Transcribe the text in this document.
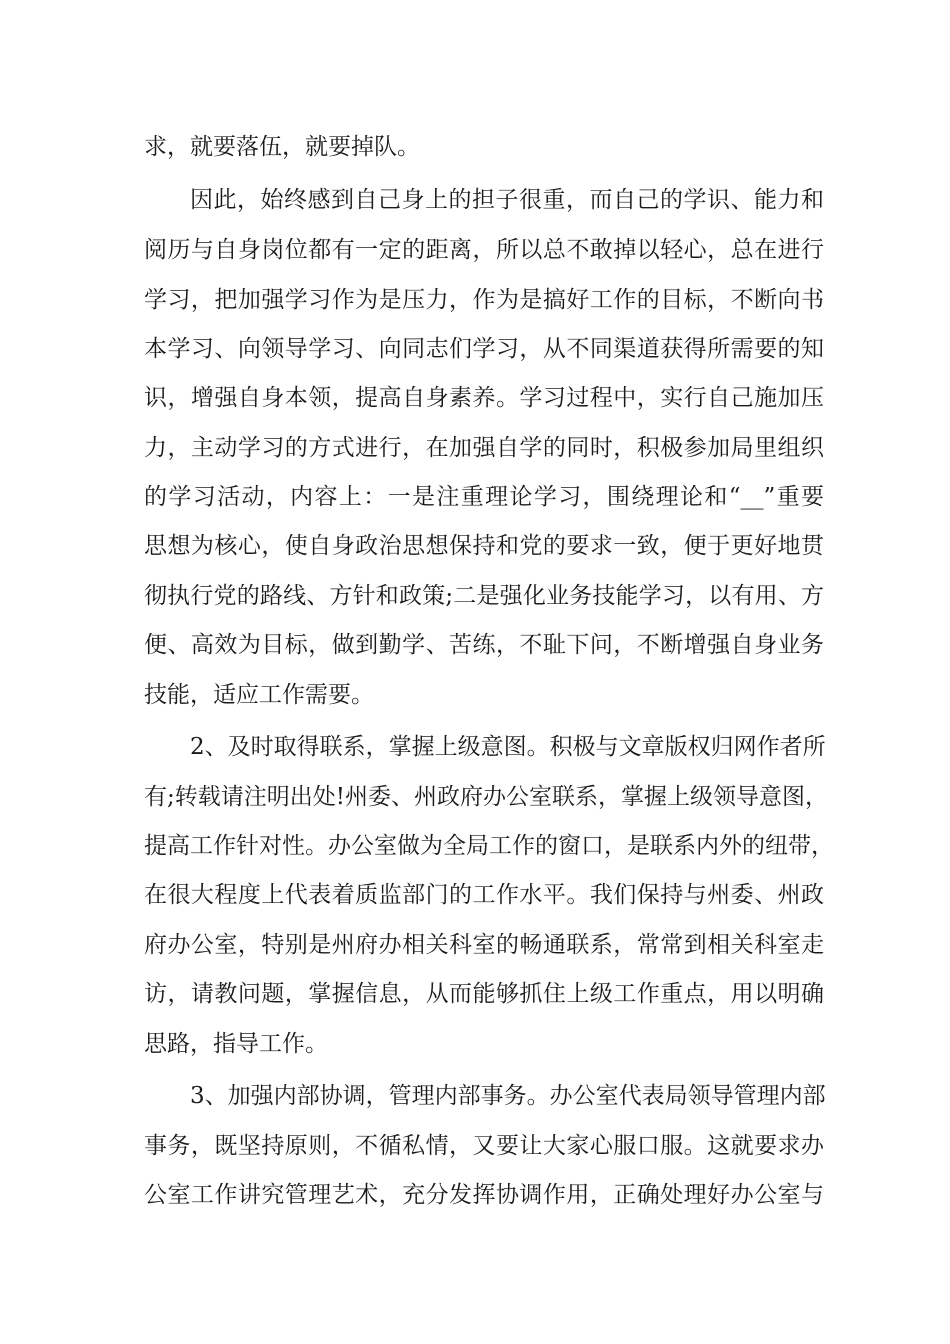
求，就要落伍，就要掉队。
因此，始终感到自己身上的担子很重，而自己的学识、能力和
阅历与自身岗位都有一定的距离，所以总不敢掉以轻心，总在进行
学习，把加强学习作为是压力，作为是搞好工作的目标，不断向书
本学习、向领导学习、向同志们学习，从不同渠道获得所需要的知
识，增强自身本领，提高自身素养。学习过程中，实行自己施加压
力，主动学习的方式进行，在加强自学的同时，积极参加局里组织
的学习活动，内容上：一是注重理论学习，围绕理论和“__”重要
思想为核心，使自身政治思想保持和党的要求一致，便于更好地贯
彻执行党的路线、方针和政策;二是强化业务技能学习，以有用、方
便、高效为目标，做到勤学、苦练，不耻下问，不断增强自身业务
技能，适应工作需要。
2、及时取得联系，掌握上级意图。积极与文章版权归网作者所
有;转载请注明出处!州委、州政府办公室联系，掌握上级领导意图，
提高工作针对性。办公室做为全局工作的窗口，是联系内外的纽带，
在很大程度上代表着质监部门的工作水平。我们保持与州委、州政
府办公室，特别是州府办相关科室的畅通联系，常常到相关科室走
访，请教问题，掌握信息，从而能够抓住上级工作重点，用以明确
思路，指导工作。
3、加强内部协调，管理内部事务。办公室代表局领导管理内部
事务，既坚持原则，不循私情，又要让大家心服口服。这就要求办
公室工作讲究管理艺术，充分发挥协调作用，正确处理好办公室与
